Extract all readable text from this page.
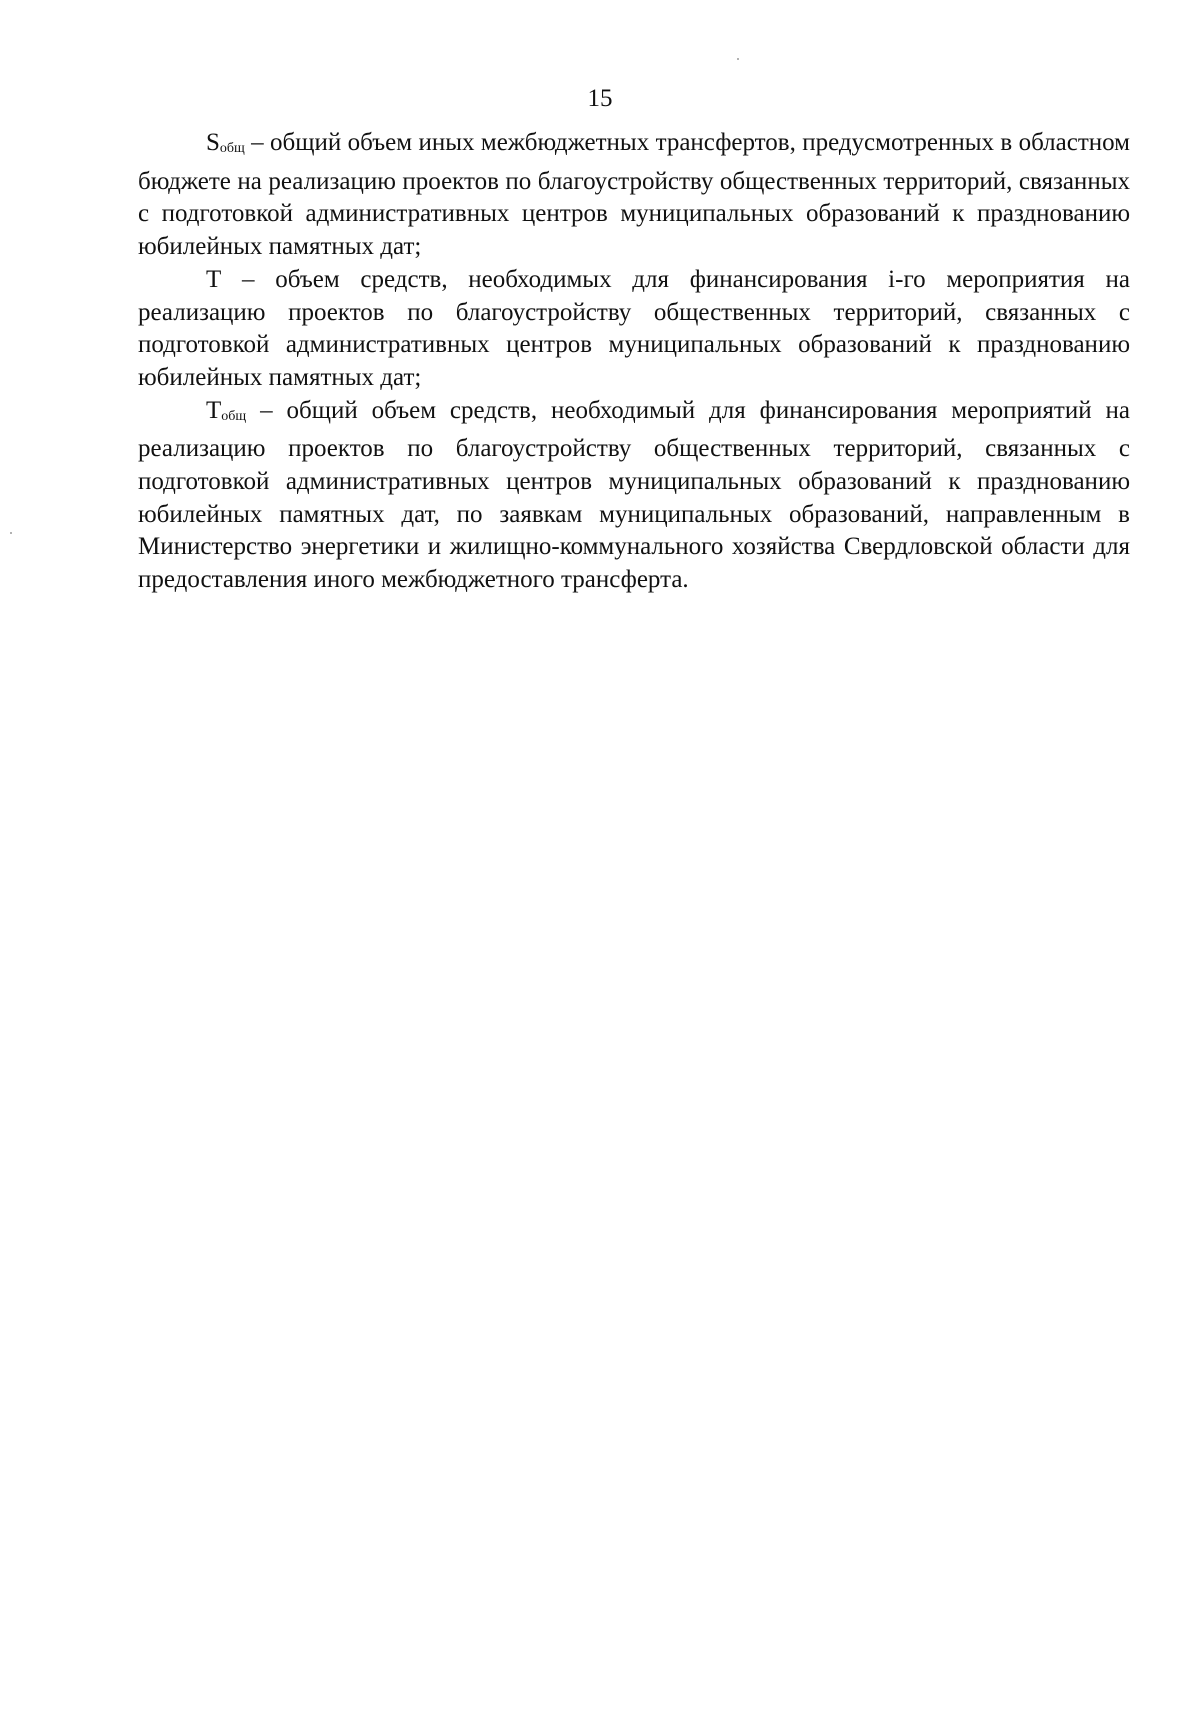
15

Sобщ – общий объем иных межбюджетных трансфертов, предусмотренных в областном бюджете на реализацию проектов по благоустройству общественных территорий, связанных с подготовкой административных центров муниципальных образований к празднованию юбилейных памятных дат;

Т – объем средств, необходимых для финансирования i-го мероприятия на реализацию проектов по благоустройству общественных территорий, связанных с подготовкой административных центров муниципальных образований к празднованию юбилейных памятных дат;

Тобщ – общий объем средств, необходимый для финансирования мероприятий на реализацию проектов по благоустройству общественных территорий, связанных с подготовкой административных центров муниципальных образований к празднованию юбилейных памятных дат, по заявкам муниципальных образований, направленным в Министерство энергетики и жилищно-коммунального хозяйства Свердловской области для предоставления иного межбюджетного трансферта.
